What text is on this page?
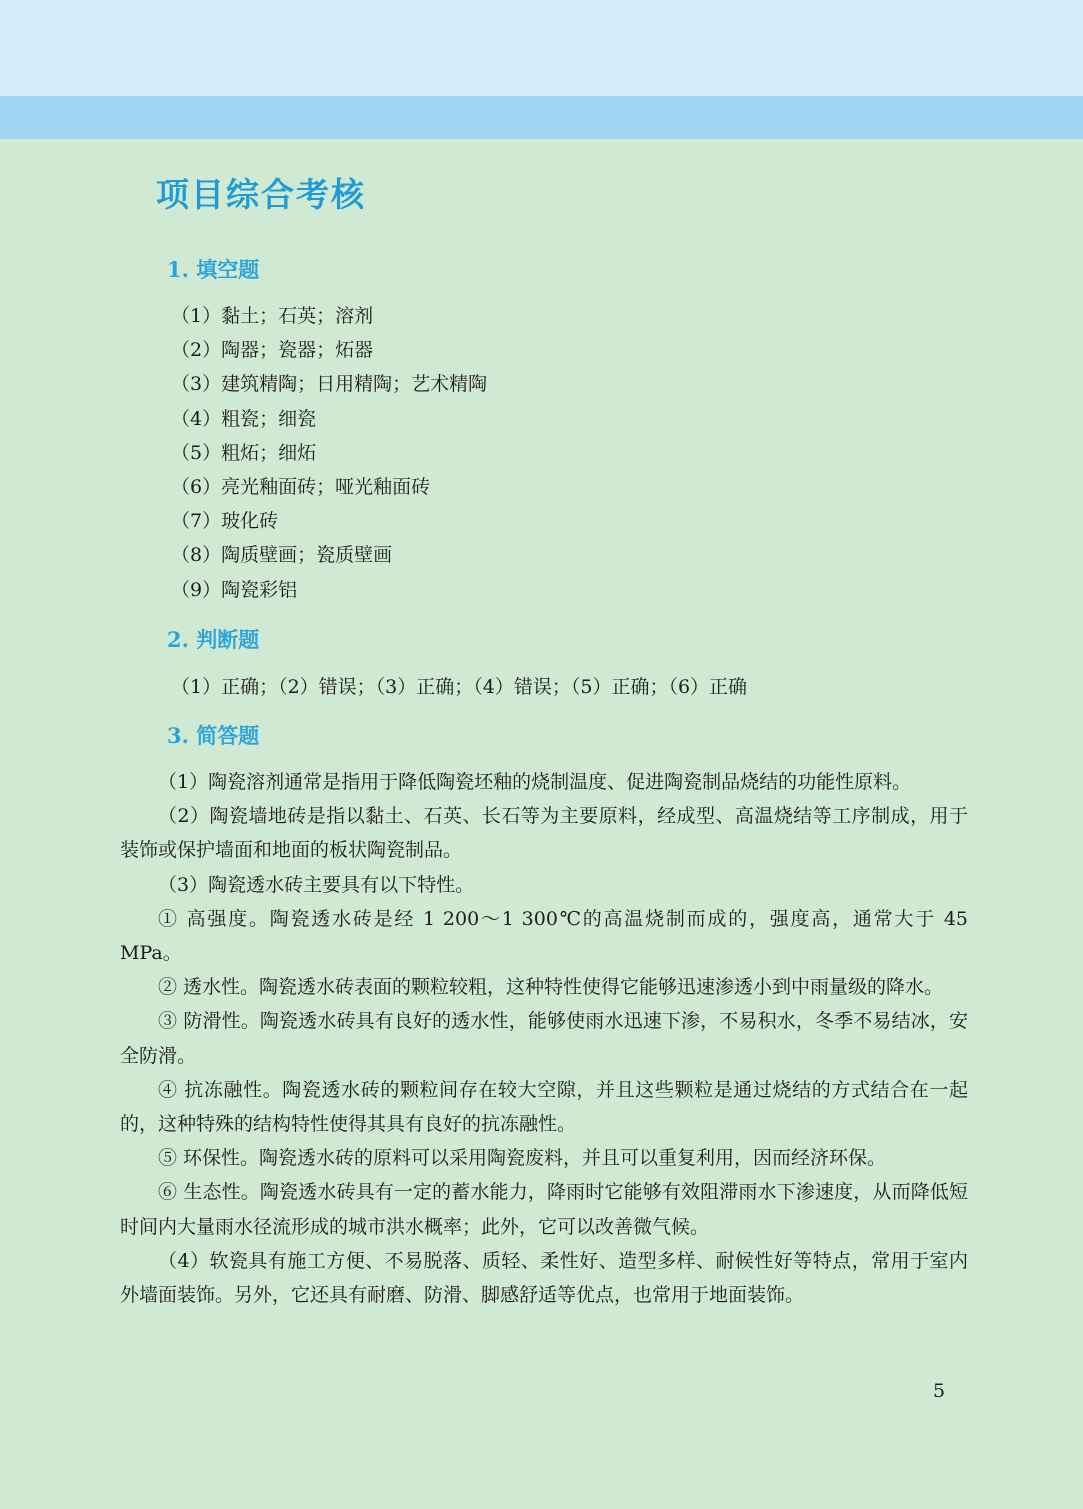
项目综合考核
1. 填空题
（1）黏土；石英；溶剂
（2）陶器；瓷器；炻器
（3）建筑精陶；日用精陶；艺术精陶
（4）粗瓷；细瓷
（5）粗炻；细炻
（6）亮光釉面砖；哑光釉面砖
（7）玻化砖
（8）陶质壁画；瓷质壁画
（9）陶瓷彩铝
2. 判断题

（1）正确；（2）错误；（3）正确；（4）错误；（5）正确；（6）正确

3. 简答题

（1）陶瓷溶剂通常是指用于降低陶瓷坯釉的烧制温度、促进陶瓷制品烧结的功能性原料。

（2）陶瓷墙地砖是指以黏土、石英、长石等为主要原料，经成型、高温烧结等工序制成，用于装饰或保护墙面和地面的板状陶瓷制品。

（3）陶瓷透水砖主要具有以下特性。

① 高强度。陶瓷透水砖是经 1 200～1 300℃的高温烧制而成的，强度高，通常大于 45 MPa。

② 透水性。陶瓷透水砖表面的颗粒较粗，这种特性使得它能够迅速渗透小到中雨量级的降水。

③ 防滑性。陶瓷透水砖具有良好的透水性，能够使雨水迅速下渗，不易积水，冬季不易结冰，安全防滑。

④ 抗冻融性。陶瓷透水砖的颗粒间存在较大空隙，并且这些颗粒是通过烧结的方式结合在一起的，这种特殊的结构特性使得其具有良好的抗冻融性。

⑤ 环保性。陶瓷透水砖的原料可以采用陶瓷废料，并且可以重复利用，因而经济环保。

⑥ 生态性。陶瓷透水砖具有一定的蓄水能力，降雨时它能够有效阻滞雨水下渗速度，从而降低短时间内大量雨水径流形成的城市洪水概率；此外，它可以改善微气候。

（4）软瓷具有施工方便、不易脱落、质轻、柔性好、造型多样、耐候性好等特点，常用于室内外墙面装饰。另外，它还具有耐磨、防滑、脚感舒适等优点，也常用于地面装饰。

5
